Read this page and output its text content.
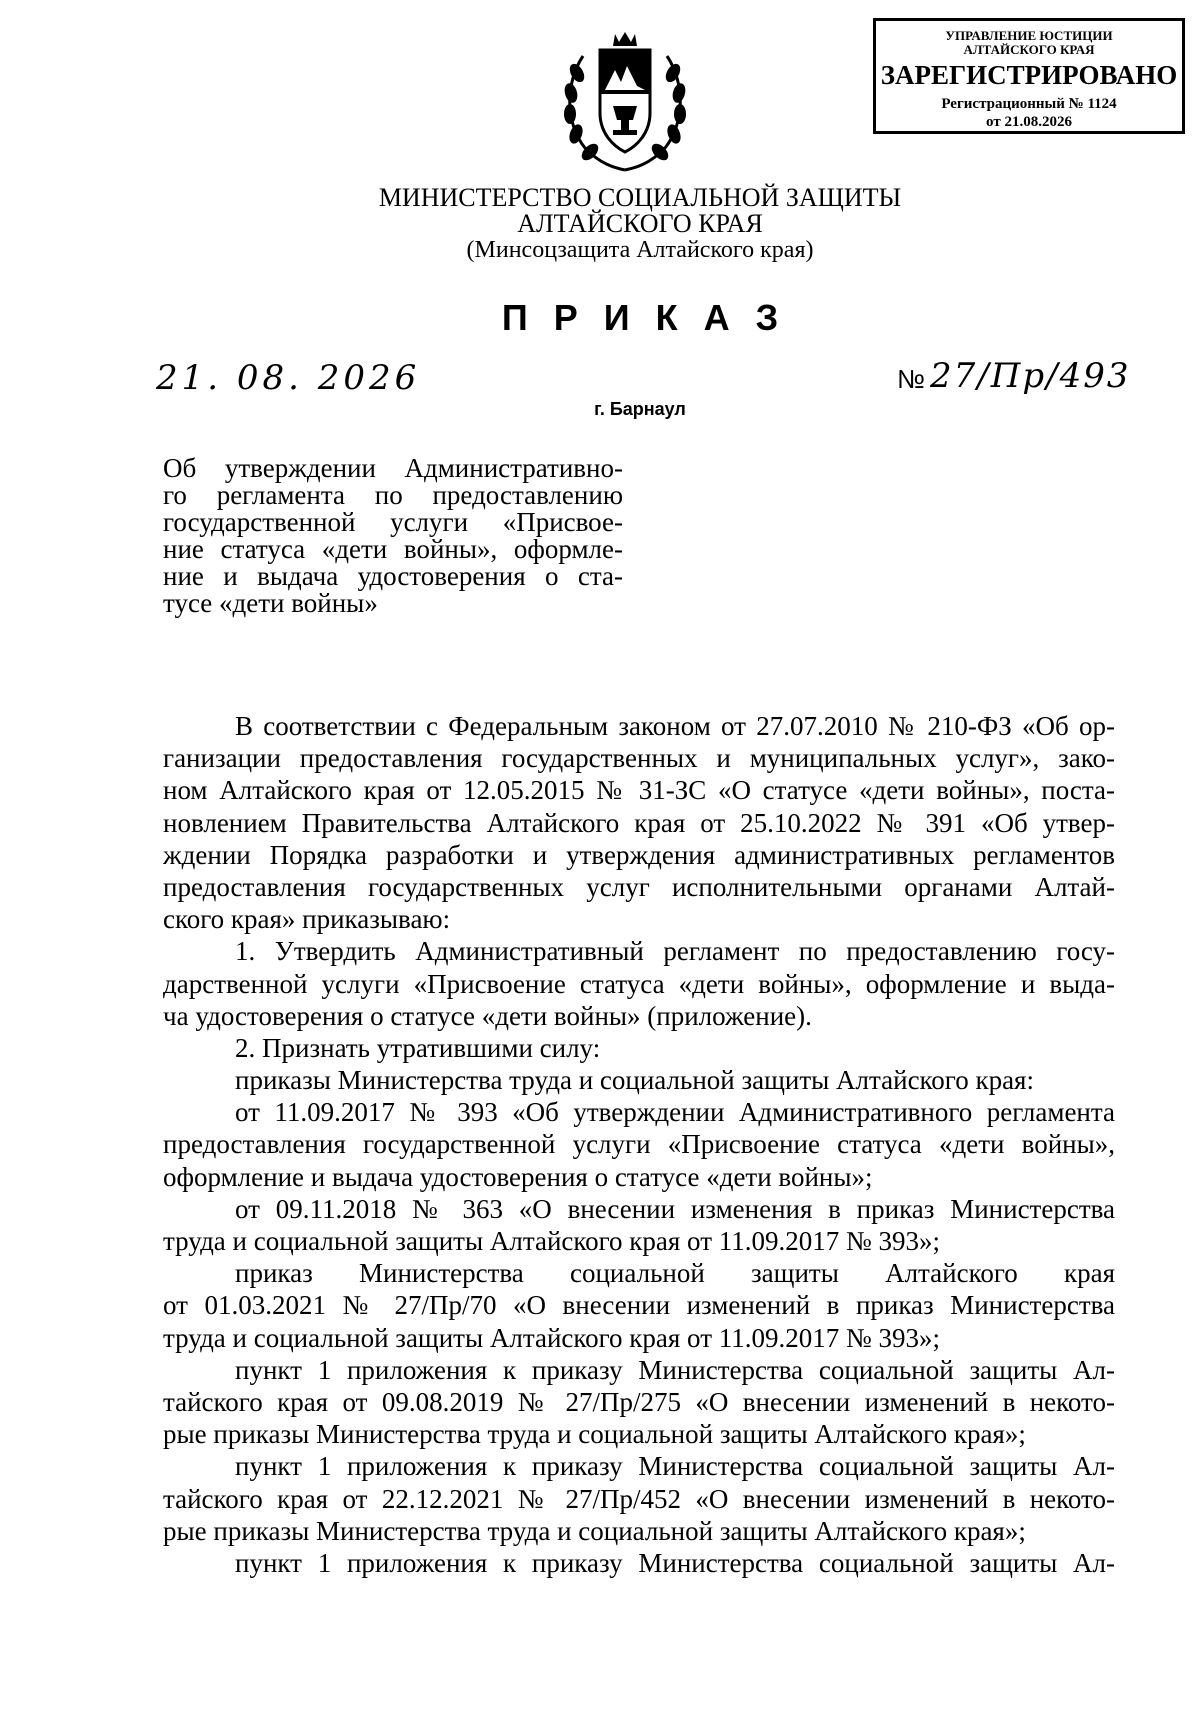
УПРАВЛЕНИЕ ЮСТИЦИИ
АЛТАЙСКОГО КРАЯ
ЗАРЕГИСТРИРОВАНО
Регистрационный № 1124
от 21.08.2026
МИНИСТЕРСТВО СОЦИАЛЬНОЙ ЗАЩИТЫ
АЛТАЙСКОГО КРАЯ
(Минсоцзащита Алтайского края)
ПРИКАЗ
21. 08. 2026	№ 27/Пр/493
г. Барнаул
Об утверждении Административно-
го регламента по предоставлению
государственной услуги «Присвое-
ние статуса «дети войны», оформле-
ние и выдача удостоверения о ста-
тусе «дети войны»
В соответствии с Федеральным законом от 27.07.2010 № 210-ФЗ «Об ор-
ганизации предоставления государственных и муниципальных услуг», зако-
ном Алтайского края от 12.05.2015 № 31-ЗС «О статусе «дети войны», поста-
новлением Правительства Алтайского края от 25.10.2022 № 391 «Об утвер-
ждении Порядка разработки и утверждения административных регламентов
предоставления государственных услуг исполнительными органами Алтай-
ского края» приказываю:
1. Утвердить Административный регламент по предоставлению госу-
дарственной услуги «Присвоение статуса «дети войны», оформление и выда-
ча удостоверения о статусе «дети войны» (приложение).
2. Признать утратившими силу:
приказы Министерства труда и социальной защиты Алтайского края:
от 11.09.2017 № 393 «Об утверждении Административного регламента
предоставления государственной услуги «Присвоение статуса «дети войны»,
оформление и выдача удостоверения о статусе «дети войны»;
от 09.11.2018 № 363 «О внесении изменения в приказ Министерства
труда и социальной защиты Алтайского края от 11.09.2017 № 393»;
приказ Министерства социальной защиты Алтайского края
от 01.03.2021 № 27/Пр/70 «О внесении изменений в приказ Министерства
труда и социальной защиты Алтайского края от 11.09.2017 № 393»;
пункт 1 приложения к приказу Министерства социальной защиты Ал-
тайского края от 09.08.2019 № 27/Пр/275 «О внесении изменений в некото-
рые приказы Министерства труда и социальной защиты Алтайского края»;
пункт 1 приложения к приказу Министерства социальной защиты Ал-
тайского края от 22.12.2021 № 27/Пр/452 «О внесении изменений в некото-
рые приказы Министерства труда и социальной защиты Алтайского края»;
пункт 1 приложения к приказу Министерства социальной защиты Ал-
